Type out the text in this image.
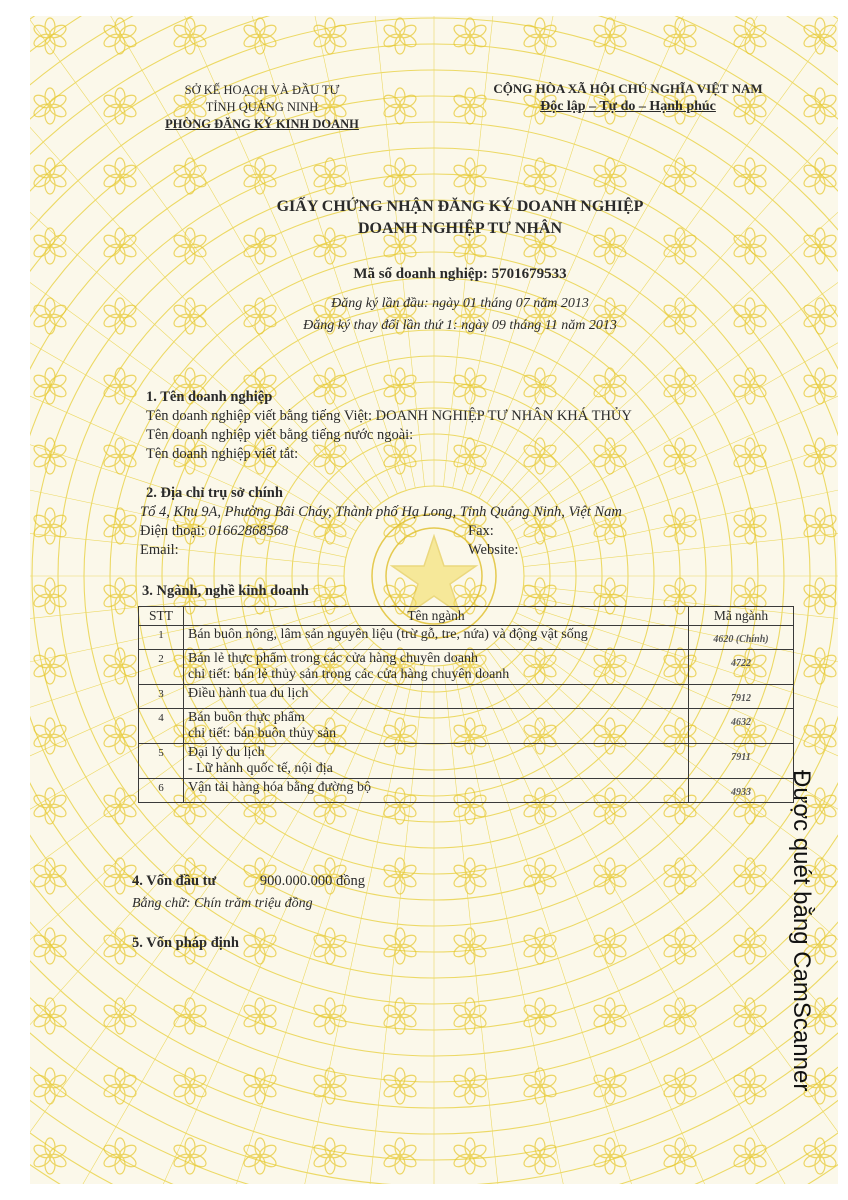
SỞ KẾ HOẠCH VÀ ĐẦU TƯ
TỈNH QUẢNG NINH
PHÒNG ĐĂNG KÝ KINH DOANH
CỘNG HÒA XÃ HỘI CHỦ NGHĨA VIỆT NAM
Độc lập – Tự do – Hạnh phúc
GIẤY CHỨNG NHẬN ĐĂNG KÝ DOANH NGHIỆP
DOANH NGHIỆP TƯ NHÂN
Mã số doanh nghiệp: 5701679533
Đăng ký lần đầu: ngày 01 tháng 07 năm 2013
Đăng ký thay đổi lần thứ 1: ngày 09 tháng 11 năm 2013
1. Tên doanh nghiệp
Tên doanh nghiệp viết bằng tiếng Việt: DOANH NGHIỆP TƯ NHÂN KHÁ THỦY
Tên doanh nghiệp viết bằng tiếng nước ngoài:
Tên doanh nghiệp viết tắt:
2. Địa chỉ trụ sở chính
Tổ 4, Khu 9A, Phường Bãi Cháy, Thành phố Hạ Long, Tỉnh Quảng Ninh, Việt Nam
Điện thoại: 01662868568	Fax:
Email:	Website:
3. Ngành, nghề kinh doanh
STT	Tên ngành	Mã ngành
1	Bán buôn nông, lâm sản nguyên liệu (trừ gỗ, tre, nứa) và động vật sống	4620 (Chính)
2	Bán lẻ thực phẩm trong các cửa hàng chuyên doanh
chi tiết: bán lẻ thủy sản trong các cửa hàng chuyên doanh	4722
3	Điều hành tua du lịch	7912
4	Bán buôn thực phẩm
chi tiết: bán buôn thủy sản	4632
5	Đại lý du lịch
- Lữ hành quốc tế, nội địa	7911
6	Vận tải hàng hóa bằng đường bộ	4933
4. Vốn đầu tư	900.000.000 đồng
Bằng chữ: Chín trăm triệu đồng
5. Vốn pháp định	Được quét bằng CamScanner
